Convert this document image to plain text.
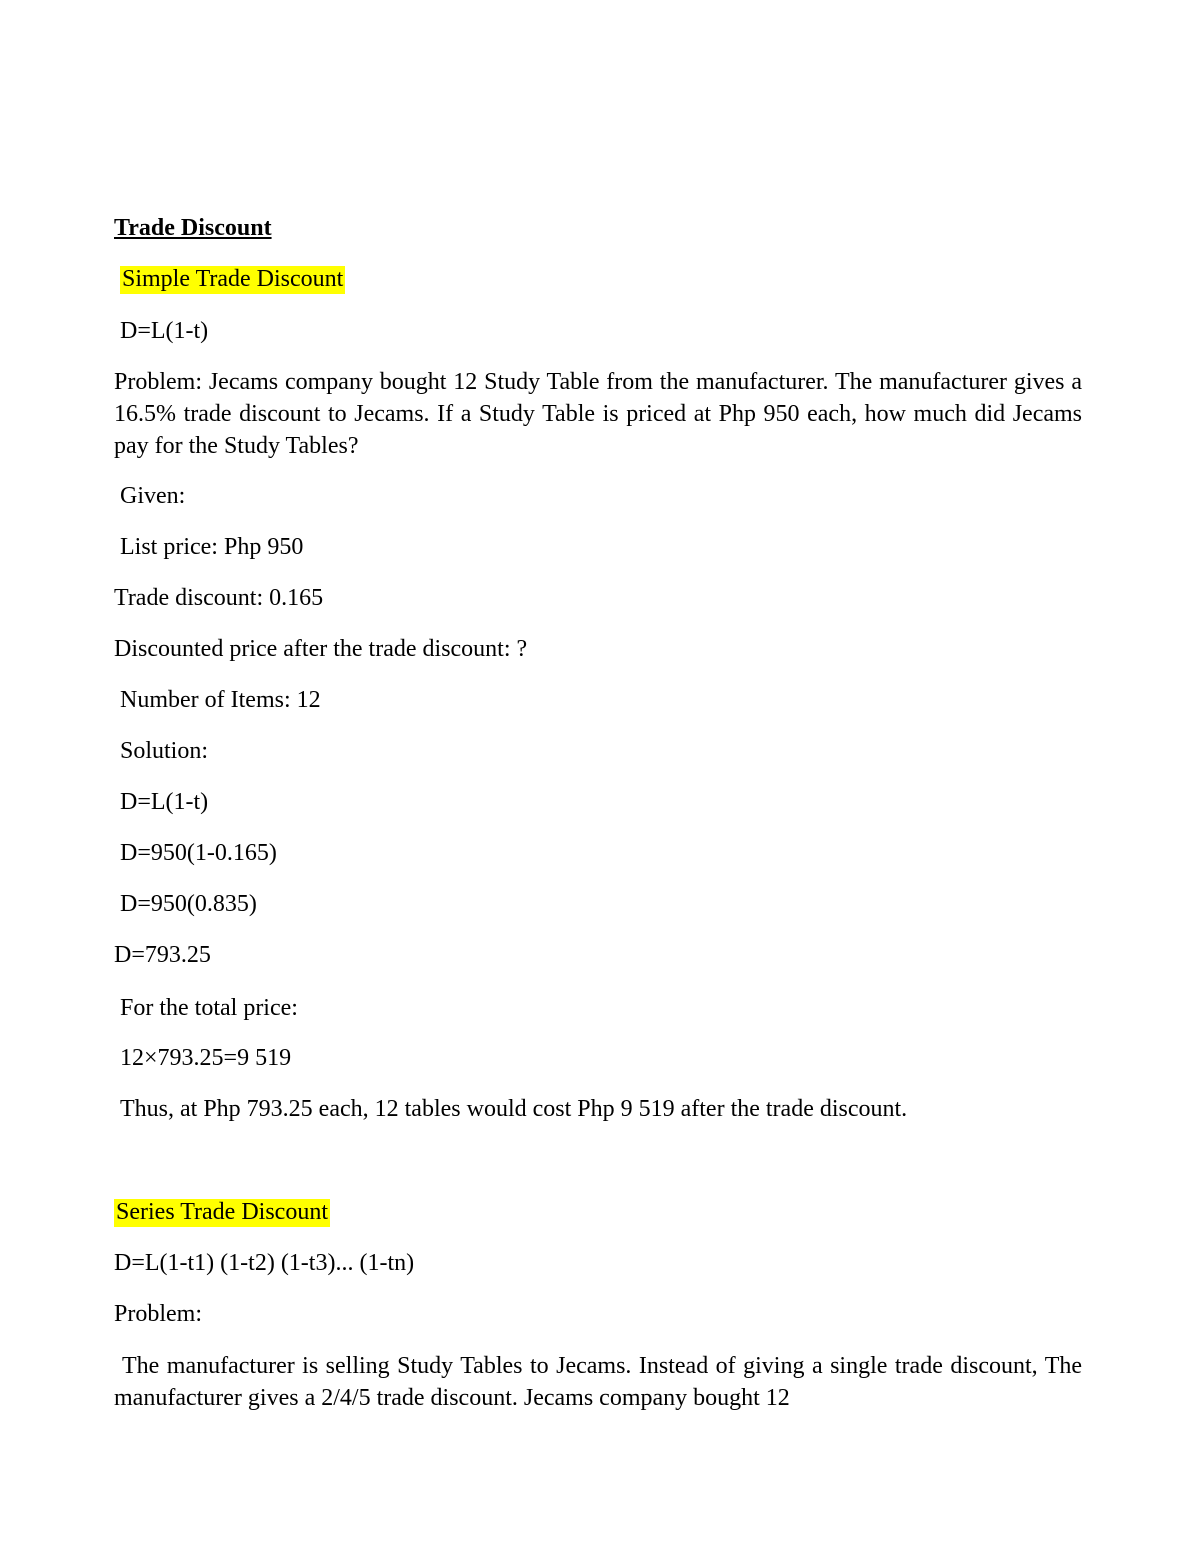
Trade Discount
Simple Trade Discount
D=L(1-t)
Problem: Jecams company bought 12 Study Table from the manufacturer. The manufacturer gives a 16.5% trade discount to Jecams. If a Study Table is priced at Php 950 each, how much did Jecams pay for the Study Tables?
Given:
List price: Php 950
Trade discount: 0.165
Discounted price after the trade discount: ?
Number of Items: 12
Solution:
D=L(1-t)
D=950(1-0.165)
D=950(0.835)
D=793.25
For the total price:
12×793.25=9 519
Thus, at Php 793.25 each, 12 tables would cost Php 9 519 after the trade discount.
Series Trade Discount
D=L(1-t1) (1-t2) (1-t3)... (1-tn)
Problem:
The manufacturer is selling Study Tables to Jecams. Instead of giving a single trade discount, The manufacturer gives a 2/4/5 trade discount. Jecams company bought 12
